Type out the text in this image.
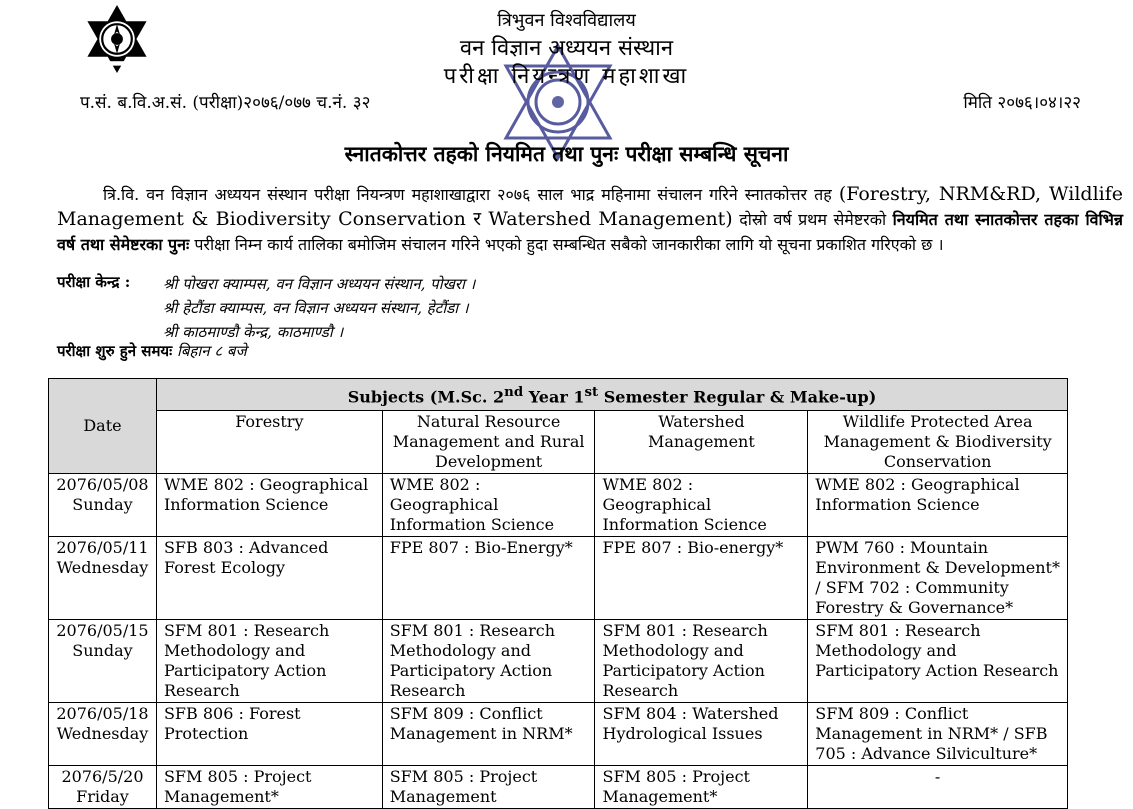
त्रिभुवन विश्वविद्यालय
वन विज्ञान अध्ययन संस्थान
परीक्षा नियन्त्रण महाशाखा
प.सं. ब.वि.अ.सं. (परीक्षा)२०७६/०७७ च.नं. ३२	मिति २०७६।०४।२२
स्नातकोत्तर तहको नियमित तथा पुनः परीक्षा सम्बन्धि सूचना
त्रि.वि. वन विज्ञान अध्ययन संस्थान परीक्षा नियन्त्रण महाशाखाद्वारा २०७६ साल भाद्र महिनामा संचालन गरिने स्नातकोत्तर तह (Forestry, NRM&RD, Wildlife Management & Biodiversity Conservation र Watershed Management) दोस्रो वर्ष प्रथम सेमेष्टरको नियमित तथा स्नातकोत्तर तहका विभिन्न वर्ष तथा सेमेष्टरका पुनः परीक्षा निम्न कार्य तालिका बमोजिम संचालन गरिने भएको हुदा सम्बन्धित सबैको जानकारीका लागि यो सूचना प्रकाशित गरिएको छ ।
परीक्षा केन्द्र :	श्री पोखरा क्याम्पस, वन विज्ञान अध्ययन संस्थान, पोखरा ।
श्री हेटौंडा क्याम्पस, वन विज्ञान अध्ययन संस्थान, हेटौंडा ।
श्री काठमाण्डौ केन्द्र, काठमाण्डौ ।
परीक्षा शुरु हुने समयः बिहान ८ बजे
Date	Subjects (M.Sc. 2nd Year 1st Semester Regular & Make-up)			
	Forestry	Natural Resource Management and Rural Development	Watershed Management	Wildlife Protected Area Management & Biodiversity Conservation

2076/05/08
Sunday	WME 802 : Geographical Information Science	WME 802 : Geographical Information Science	WME 802 : Geographical Information Science	WME 802 : Geographical Information Science

2076/05/11
Wednesday	SFB 803 : Advanced Forest Ecology	FPE 807 : Bio-Energy*	FPE 807 : Bio-energy*	PWM 760 : Mountain Environment & Development* / SFM 702 : Community Forestry & Governance*

2076/05/15
Sunday	SFM 801 : Research Methodology and Participatory Action Research	SFM 801 : Research Methodology and Participatory Action Research	SFM 801 : Research Methodology and Participatory Action Research	SFM 801 : Research Methodology and Participatory Action Research

2076/05/18
Wednesday	SFB 806 : Forest Protection	SFM 809 : Conflict Management in NRM*	SFM 804 : Watershed Hydrological Issues	SFM 809 : Conflict Management in NRM* / SFB 705 : Advance Silviculture*

2076/5/20
Friday	SFM 805 : Project Management*	SFM 805 : Project Management	SFM 805 : Project Management*	-
